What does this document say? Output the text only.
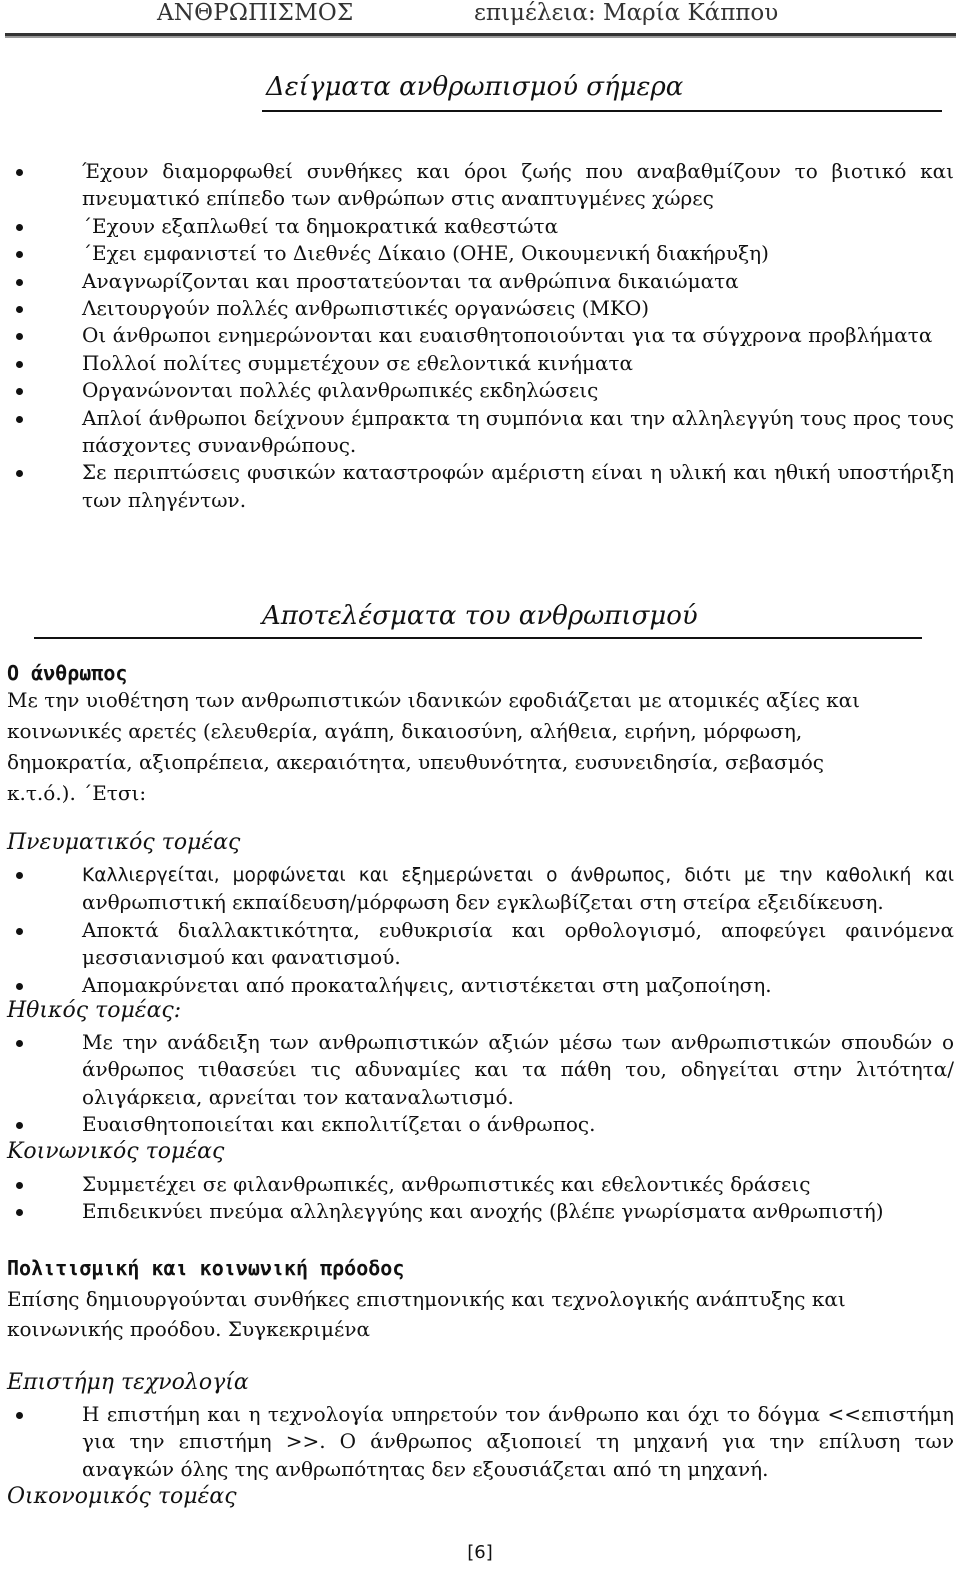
ΑΝΘΡΩΠΙΣΜΟΣ	επιμέλεια: Μαρία Κάππου
Δείγματα ανθρωπισμού σήμερα
Έχουν διαμορφωθεί συνθήκες και όροι ζωής που αναβαθμίζουν το βιοτικό και πνευματικό επίπεδο των ανθρώπων στις αναπτυγμένες χώρες
΄Εχουν εξαπλωθεί τα δημοκρατικά καθεστώτα
΄Εχει εμφανιστεί το Διεθνές Δίκαιο (ΟΗΕ, Οικουμενική διακήρυξη)
Αναγνωρίζονται και προστατεύονται τα ανθρώπινα δικαιώματα
Λειτουργούν πολλές ανθρωπιστικές οργανώσεις (ΜΚΟ)
Οι άνθρωποι ενημερώνονται και ευαισθητοποιούνται για τα σύγχρονα προβλήματα
Πολλοί πολίτες συμμετέχουν σε εθελοντικά κινήματα
Οργανώνονται πολλές φιλανθρωπικές εκδηλώσεις
Απλοί άνθρωποι δείχνουν έμπρακτα τη συμπόνια και την αλληλεγγύη τους προς τους πάσχοντες συνανθρώπους.
Σε περιπτώσεις φυσικών καταστροφών αμέριστη είναι η υλική και ηθική υποστήριξη των πληγέντων.
Αποτελέσματα του ανθρωπισμού
Ο άνθρωπος
Με την υιοθέτηση των ανθρωπιστικών ιδανικών εφοδιάζεται με ατομικές αξίες και κοινωνικές αρετές (ελευθερία, αγάπη, δικαιοσύνη, αλήθεια, ειρήνη, μόρφωση, δημοκρατία, αξιοπρέπεια, ακεραιότητα, υπευθυνότητα, ευσυνειδησία, σεβασμός κ.τ.ό.). ΄Ετσι:
Πνευματικός τομέας
Καλλιεργείται, μορφώνεται και εξημερώνεται ο άνθρωπος, διότι με την καθολική και ανθρωπιστική εκπαίδευση/μόρφωση δεν εγκλωβίζεται στη στείρα εξειδίκευση.
Αποκτά διαλλακτικότητα, ευθυκρισία και ορθολογισμό, αποφεύγει φαινόμενα μεσσιανισμού και φανατισμού.
Απομακρύνεται από προκαταλήψεις, αντιστέκεται στη μαζοποίηση.
Ηθικός τομέας:
Με την ανάδειξη των ανθρωπιστικών αξιών μέσω των ανθρωπιστικών σπουδών ο άνθρωπος τιθασεύει τις αδυναμίες και τα πάθη του, οδηγείται στην λιτότητα/ολιγάρκεια, αρνείται τον καταναλωτισμό.
Ευαισθητοποιείται και εκπολιτίζεται ο άνθρωπος.
Κοινωνικός τομέας
Συμμετέχει σε φιλανθρωπικές, ανθρωπιστικές και εθελοντικές δράσεις
Επιδεικνύει πνεύμα αλληλεγγύης και ανοχής (βλέπε γνωρίσματα ανθρωπιστή)
Πολιτισμική και κοινωνική πρόοδος
Επίσης δημιουργούνται συνθήκες επιστημονικής και τεχνολογικής ανάπτυξης και κοινωνικής προόδου. Συγκεκριμένα
Επιστήμη τεχνολογία
Η επιστήμη και η τεχνολογία υπηρετούν τον άνθρωπο και όχι το δόγμα <<επιστήμη για την επιστήμη >>. Ο άνθρωπος αξιοποιεί τη μηχανή για την επίλυση των αναγκών όλης της ανθρωπότητας δεν εξουσιάζεται από τη μηχανή.
Οικονομικός τομέας
[6]
